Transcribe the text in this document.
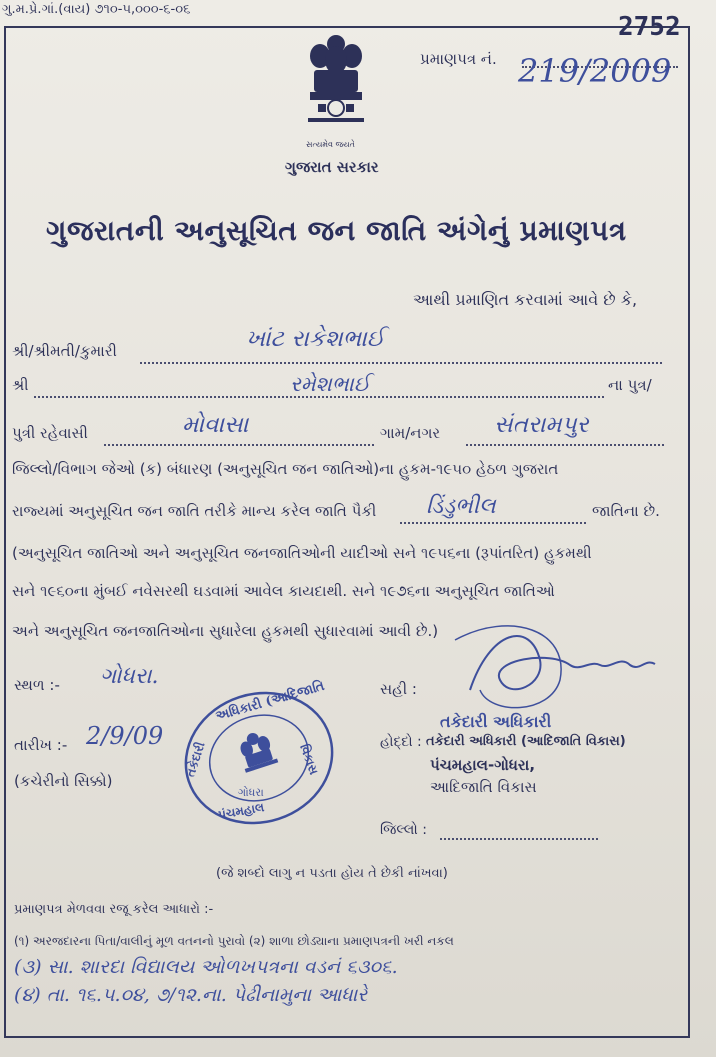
ગુ.મ.પ્રે.ગાં.(વાય) ૭૧૦-૫,૦૦૦-૬-૦૬
2752
સત્યમેવ જયતે
ગુજરાત સરકાર
પ્રમાણપત્ર નં. 219/2009
ગુજરાતની અનુસૂચિત જન જાતિ અંગેનું પ્રમાણપત્ર
આથી પ્રમાણિત કરવામાં આવે છે કે,
શ્રી/શ્રીમતી/કુમારી	ખાંટ રાકેશભાઈ
શ્રી	રમેશભાઈ	ના પુત્ર/
પુત્રી રહેવાસી	મોવાસા	ગામ/નગર સંતરામપુર
જિલ્લો/વિભાગ જેઓ (ક) બંધારણ (અનુસૂચિત જન જાતિઓ)ના હુકમ-૧૯૫૦ હેઠળ ગુજરાત
રાજ્યમાં અનુસૂચિત જન જાતિ તરીકે માન્ય કરેલ જાતિ પૈકી ડિંડુભીલ	જાતિના છે.
(અનુસૂચિત જાતિઓ અને અનુસૂચિત જનજાતિઓની યાદીઓ સને ૧૯૫૬ના (રૂપાંતરિત) હુકમથી
સને ૧૯૬૦ના મુંબઈ નવેસરથી ઘડવામાં આવેલ કાયદાથી. સને ૧૯૭૬ના અનુસૂચિત જાતિઓ
અને અનુસૂચિત જનજાતિઓના સુધારેલા હુકમથી સુધારવામાં આવી છે.)
સ્થળ :- ગોધરા.
તારીખ :- 2/9/09
(કચેરીનો સિક્કો)
અધિકારી (આદિજાતિ
તકેદારી	વિકાસ
ગોધરા
પંચમહાલ
સહી :
તકેદારી અધિકારી
હોદ્દો : તકેદારી અધિકારી (આદિજાતિ વિકાસ)
પંચમહાલ-ગોધરા,
આદિજાતિ વિકાસ
જિલ્લો :
(જે શબ્દો લાગુ ન પડતા હોય તે છેકી નાંખવા)
પ્રમાણપત્ર મેળવવા રજૂ કરેલ આધારો :-
(૧) અરજદારના પિતા/વાલીનું મૂળ વતનનો પુરાવો (૨) શાળા છોડ્યાના પ્રમાણપત્રની ખરી નકલ
(૩) સા. શારદા વિદ્યાલય ઓળખપત્રના વડનં ૬૩૦૬.
(૪) તા. ૧૬.૫.૦૪, ૭/૧૨.ના. પેઢીનામુના આધારે
